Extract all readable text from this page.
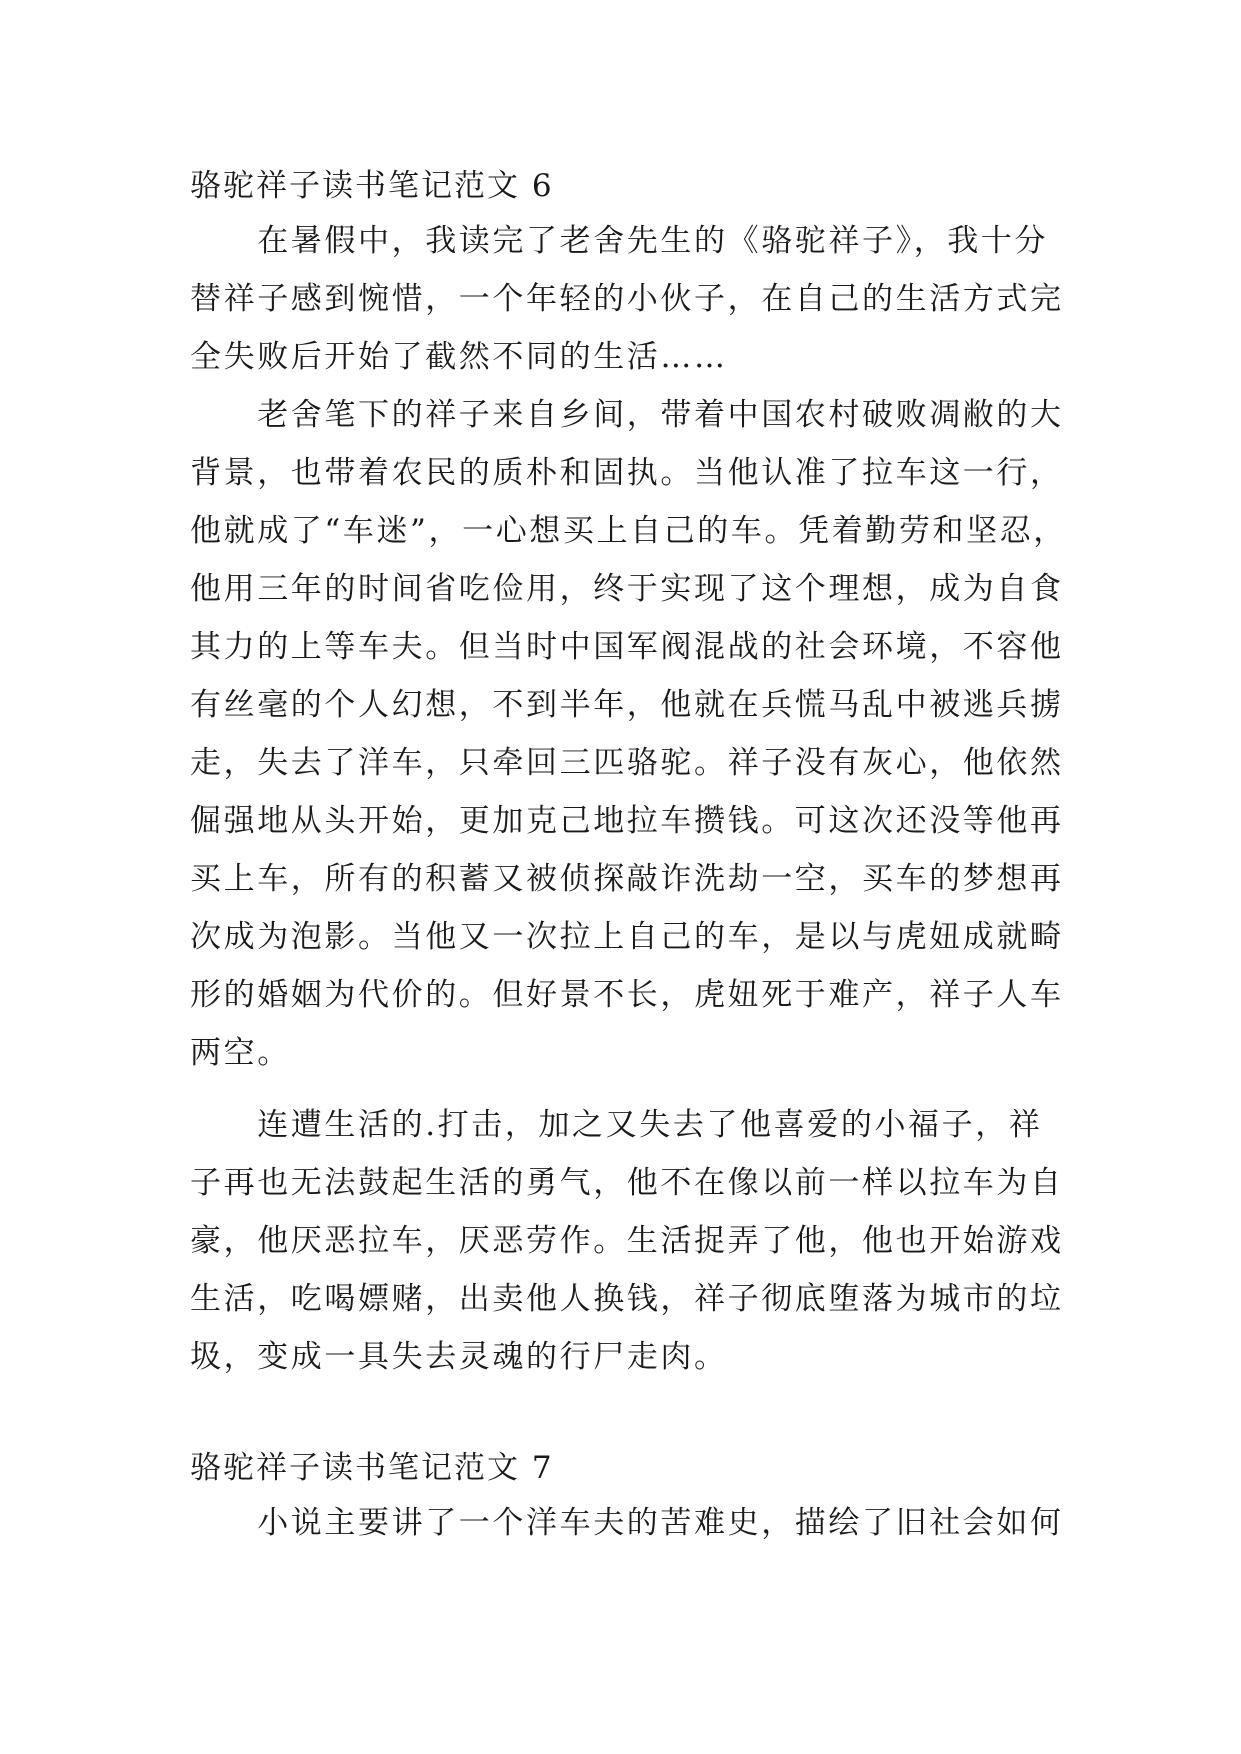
骆驼祥子读书笔记范文 6

　　在暑假中，我读完了老舍先生的《骆驼祥子》，我十分
替祥子感到惋惜，一个年轻的小伙子，在自己的生活方式完
全失败后开始了截然不同的生活……

　　老舍笔下的祥子来自乡间，带着中国农村破败凋敝的大
背景，也带着农民的质朴和固执。当他认准了拉车这一行，
他就成了“车迷”，一心想买上自己的车。凭着勤劳和坚忍，
他用三年的时间省吃俭用，终于实现了这个理想，成为自食
其力的上等车夫。但当时中国军阀混战的社会环境，不容他
有丝毫的个人幻想，不到半年，他就在兵慌马乱中被逃兵掳
走，失去了洋车，只牵回三匹骆驼。祥子没有灰心，他依然
倔强地从头开始，更加克己地拉车攒钱。可这次还没等他再
买上车，所有的积蓄又被侦探敲诈洗劫一空，买车的梦想再
次成为泡影。当他又一次拉上自己的车，是以与虎妞成就畸
形的婚姻为代价的。但好景不长，虎妞死于难产，祥子人车
两空。

　　连遭生活的.打击，加之又失去了他喜爱的小福子，祥
子再也无法鼓起生活的勇气，他不在像以前一样以拉车为自
豪，他厌恶拉车，厌恶劳作。生活捉弄了他，他也开始游戏
生活，吃喝嫖赌，出卖他人换钱，祥子彻底堕落为城市的垃
圾，变成一具失去灵魂的行尸走肉。

骆驼祥子读书笔记范文 7

　　小说主要讲了一个洋车夫的苦难史，描绘了旧社会如何
